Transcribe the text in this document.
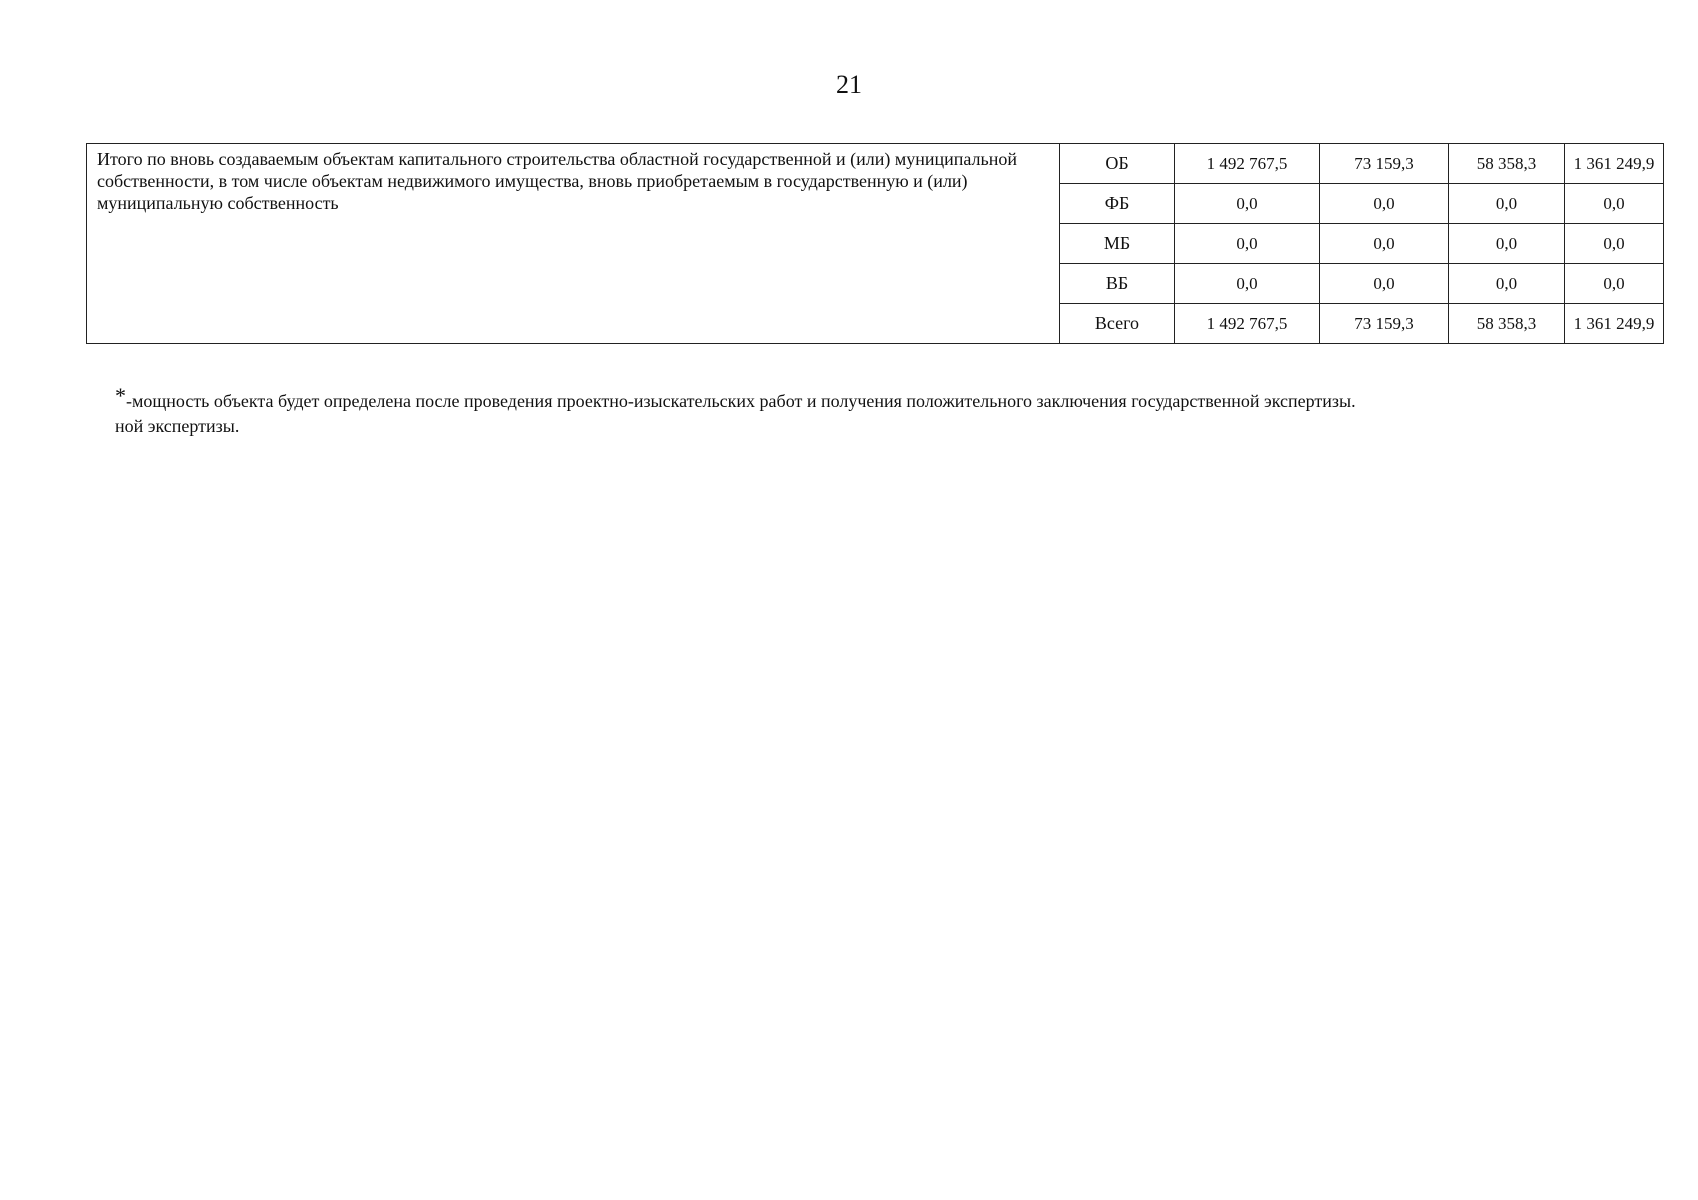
21
Итого по вновь создаваемым объектам капитального строительства областной государственной и (или) муниципальной собственности, в том числе объектам недвижимого имущества, вновь приобретаемым в государственную и (или) муниципальную собственность	ОБ	1 492 767,5	73 159,3	58 358,3	1 361 249,9
	ФБ	0,0	0,0	0,0	0,0
	МБ	0,0	0,0	0,0	0,0
	ВБ	0,0	0,0	0,0	0,0
	Всего	1 492 767,5	73 159,3	58 358,3	1 361 249,9
*-мощность объекта будет определена после проведения проектно-изыскательских работ и получения положительного заключения государственной экспертизы.
ной экспертизы.
